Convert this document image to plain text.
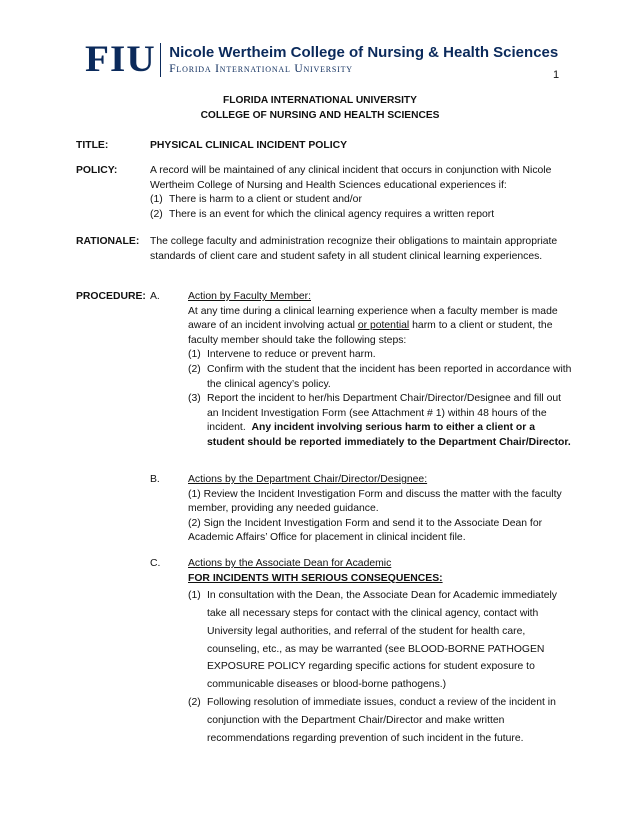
FIU Nicole Wertheim College of Nursing & Health Sciences
Florida International University	1
FLORIDA INTERNATIONAL UNIVERSITY
COLLEGE OF NURSING AND HEALTH SCIENCES
TITLE:	PHYSICAL CLINICAL INCIDENT POLICY
POLICY:	A record will be maintained of any clinical incident that occurs in conjunction with Nicole Wertheim College of Nursing and Health Sciences educational experiences if:

(1) There is harm to a client or student and/or
(2) There is an event for which the clinical agency requires a written report
RATIONALE: The college faculty and administration recognize their obligations to maintain appropriate standards of client care and student safety in all student clinical learning experiences.
PROCEDURE: A.	Action by Faculty Member:

At any time during a clinical learning experience when a faculty member is made aware of an incident involving actual or potential harm to a client or student, the faculty member should take the following steps:

(1) Intervene to reduce or prevent harm.
(2) Confirm with the student that the incident has been reported in accordance with the clinical agency’s policy.
(3) Report the incident to her/his Department Chair/Director/Designee and fill out an Incident Investigation Form (see Attachment # 1) within 48 hours of the incident. Any incident involving serious harm to either a client or a student should be reported immediately to the Department Chair/Director.
B.	Actions by the Department Chair/Director/Designee:

(1) Review the Incident Investigation Form and discuss the matter with the faculty member, providing any needed guidance.

(2) Sign the Incident Investigation Form and send it to the Associate Dean for Academic Affairs’ Office for placement in clinical incident file.

C.	Actions by the Associate Dean for Academic

FOR INCIDENTS WITH SERIOUS CONSEQUENCES:

(1) In consultation with the Dean, the Associate Dean for Academic immediately take all necessary steps for contact with the clinical agency, contact with University legal authorities, and referral of the student for health care, counseling, etc., as may be warranted (see BLOOD-BORNE PATHOGEN EXPOSURE POLICY regarding specific actions for student exposure to communicable diseases or blood-borne pathogens.)
(2) Following resolution of immediate issues, conduct a review of the incident in conjunction with the Department Chair/Director and make written recommendations regarding prevention of such incident in the future.
